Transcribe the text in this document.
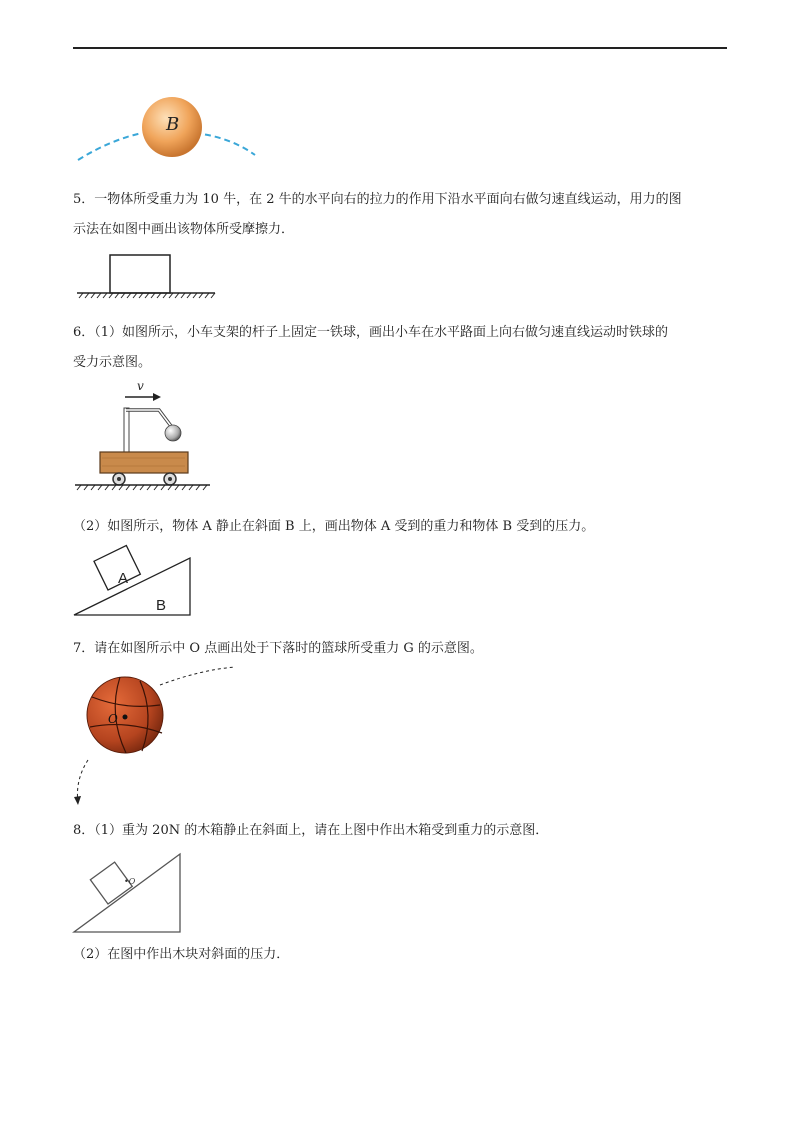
B
5．一物体所受重力为 10 牛，在 2 牛的水平向右的拉力的作用下沿水平面向右做匀速直线运动，用力的图
示法在如图中画出该物体所受摩擦力．
6．（1）如图所示，小车支架的杆子上固定一铁球，画出小车在水平路面上向右做匀速直线运动时铁球的
受力示意图。
v
（2）如图所示，物体 A 静止在斜面 B 上，画出物体 A 受到的重力和物体 B 受到的压力。
A
B
7．请在如图所示中 O 点画出处于下落时的篮球所受重力 G 的示意图。
O
8．（1）重为 20N 的木箱静止在斜面上，请在上图中作出木箱受到重力的示意图．
•O
（2）在图中作出木块对斜面的压力．
